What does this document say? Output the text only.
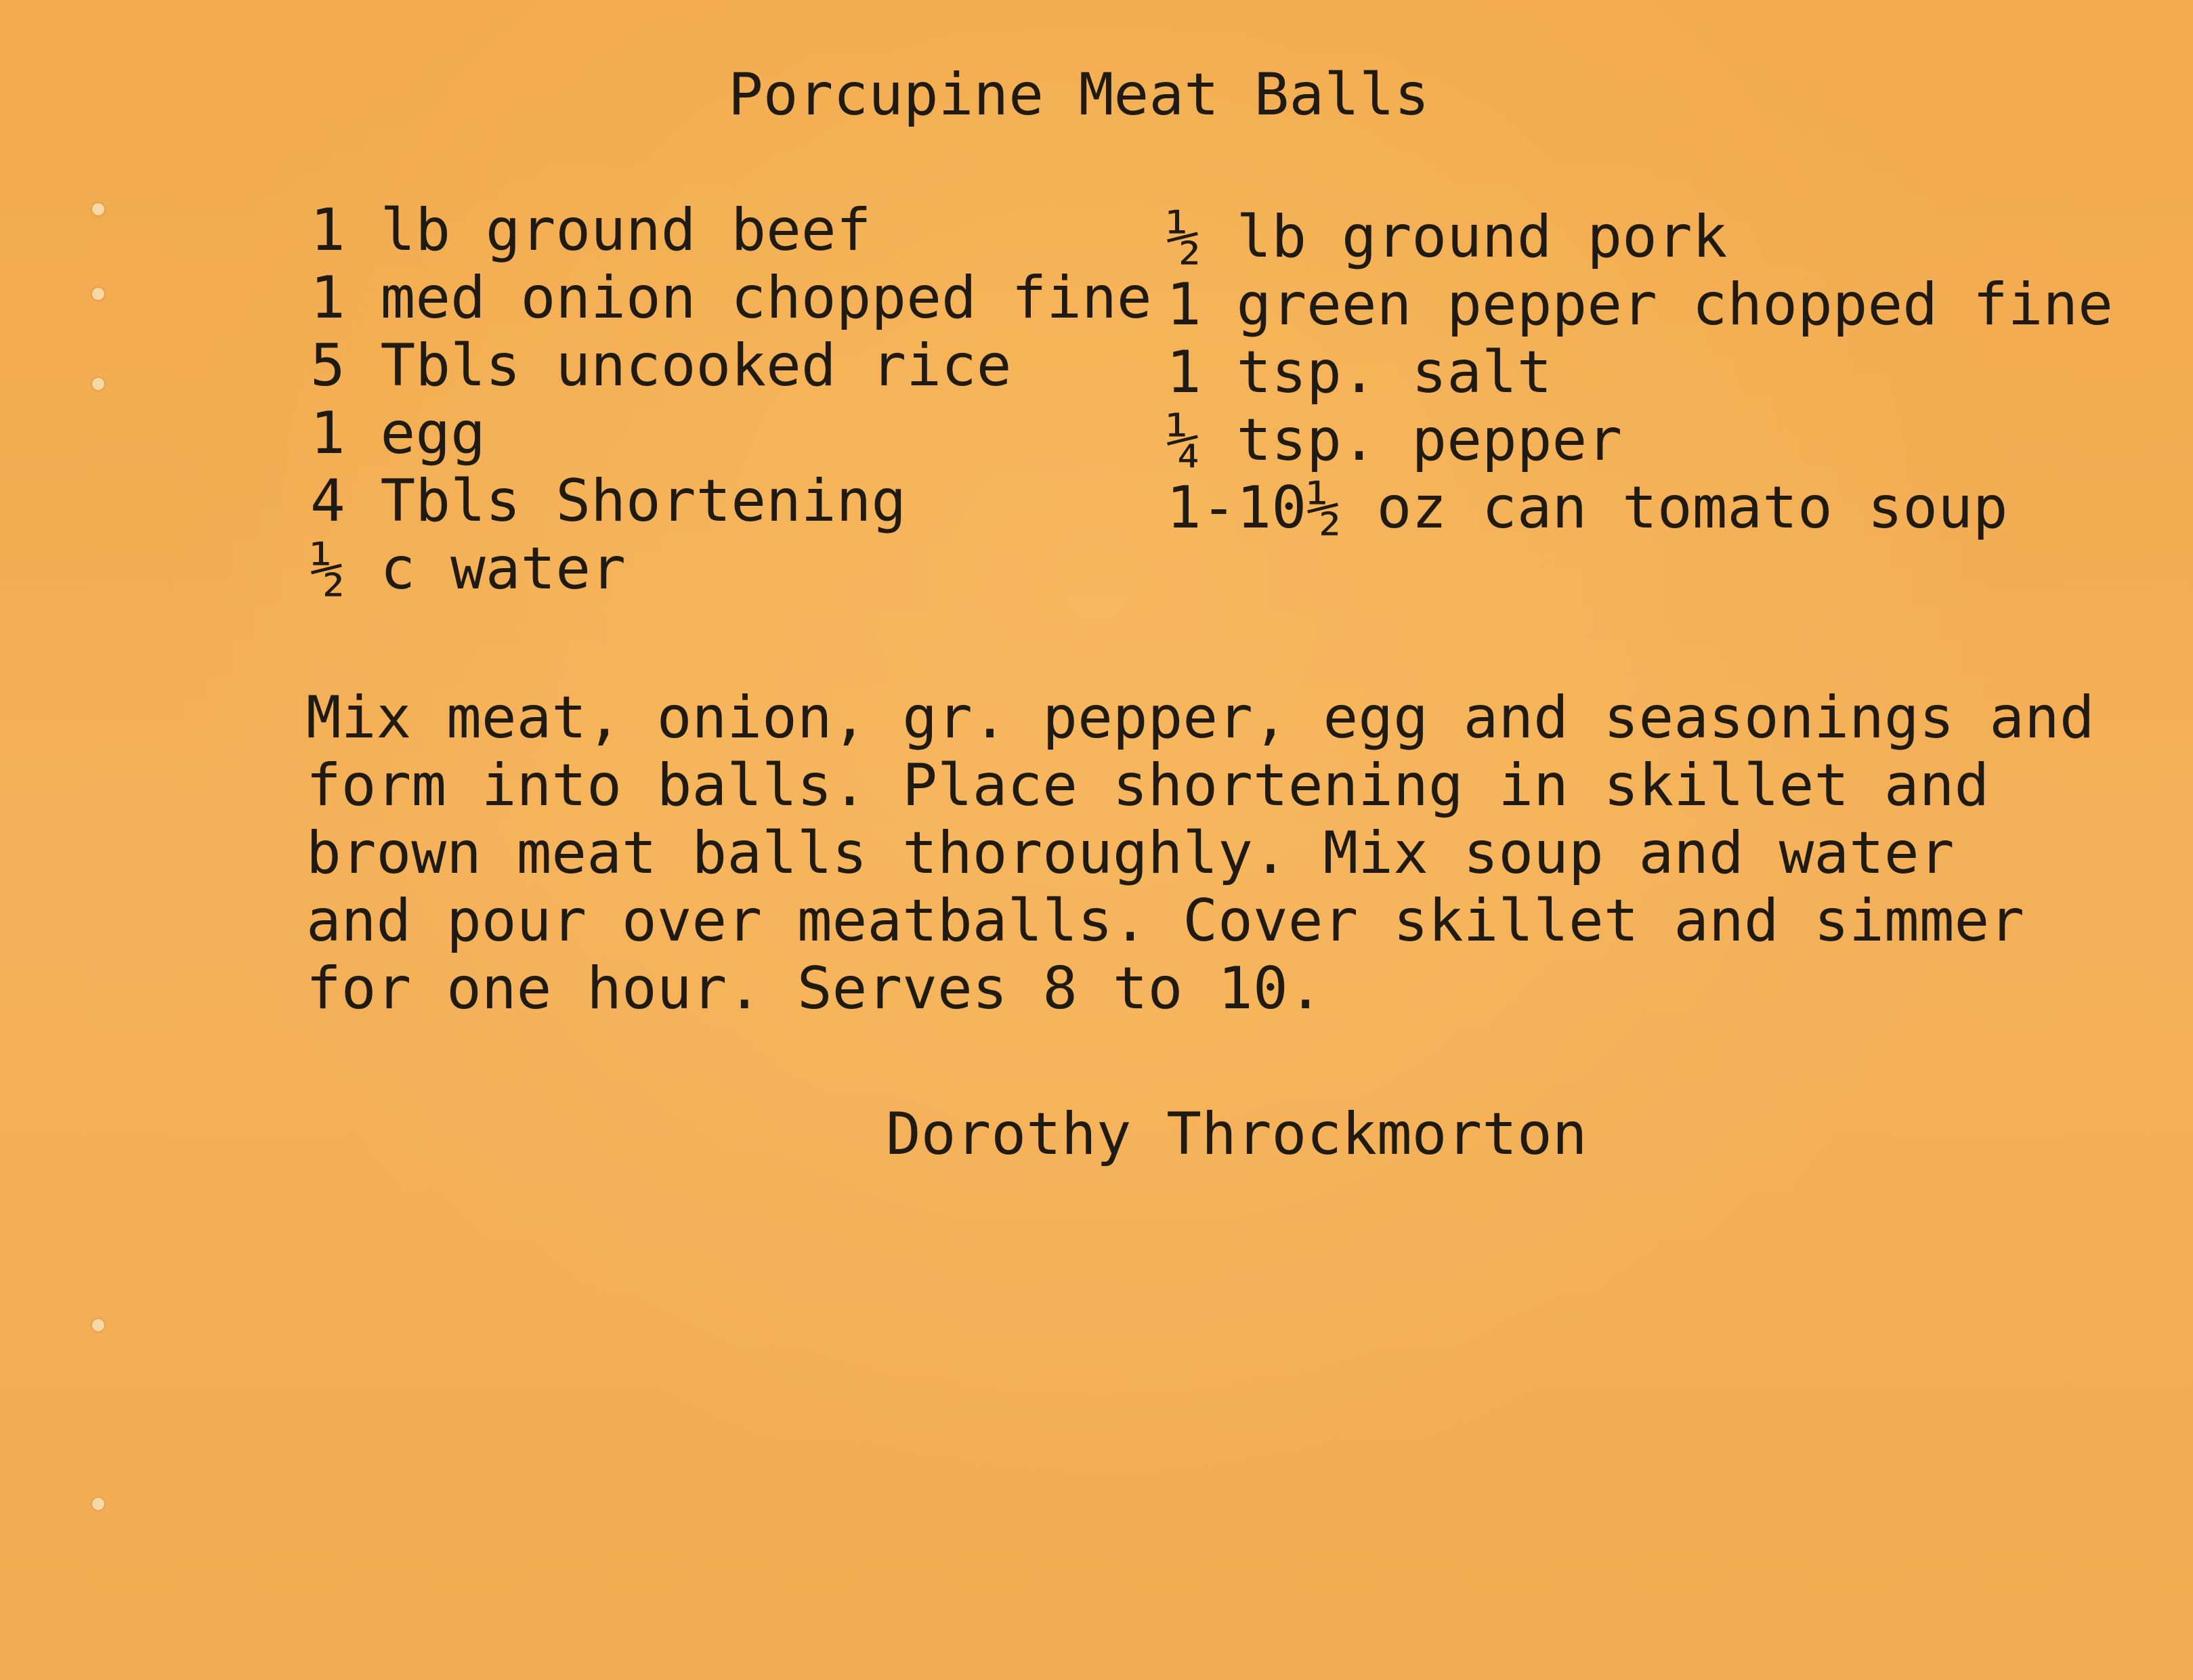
Porcupine Meat Balls
1 lb ground beef
1 med onion chopped fine
5 Tbls uncooked rice
1 egg
4 Tbls Shortening
½ c water
½ lb ground pork
1 green pepper chopped fine
1 tsp. salt
¼ tsp. pepper
1-10½ oz can tomato soup
Mix meat, onion, gr. pepper, egg and seasonings and
form into balls. Place shortening in skillet and
brown meat balls thoroughly. Mix soup and water
and pour over meatballs. Cover skillet and simmer
for one hour. Serves 8 to 10.
Dorothy Throckmorton
